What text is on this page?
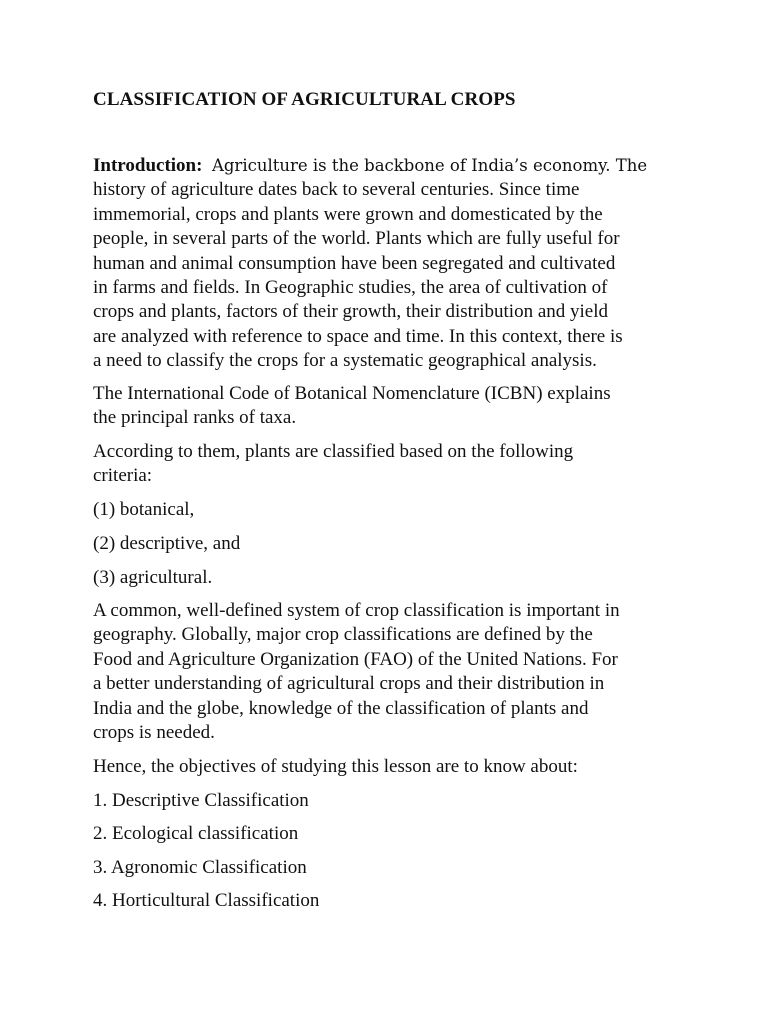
CLASSIFICATION OF AGRICULTURAL CROPS

Introduction: Agriculture is the backbone of India’s economy. The
history of agriculture dates back to several centuries. Since time
immemorial, crops and plants were grown and domesticated by the
people, in several parts of the world. Plants which are fully useful for
human and animal consumption have been segregated and cultivated
in farms and fields. In Geographic studies, the area of cultivation of
crops and plants, factors of their growth, their distribution and yield
are analyzed with reference to space and time. In this context, there is
a need to classify the crops for a systematic geographical analysis.

The International Code of Botanical Nomenclature (ICBN) explains
the principal ranks of taxa.

According to them, plants are classified based on the following
criteria:

(1) botanical,

(2) descriptive, and

(3) agricultural.

A common, well-defined system of crop classification is important in
geography. Globally, major crop classifications are defined by the
Food and Agriculture Organization (FAO) of the United Nations. For
a better understanding of agricultural crops and their distribution in
India and the globe, knowledge of the classification of plants and
crops is needed.

Hence, the objectives of studying this lesson are to know about:

1. Descriptive Classification

2. Ecological classification

3. Agronomic Classification

4. Horticultural Classification
